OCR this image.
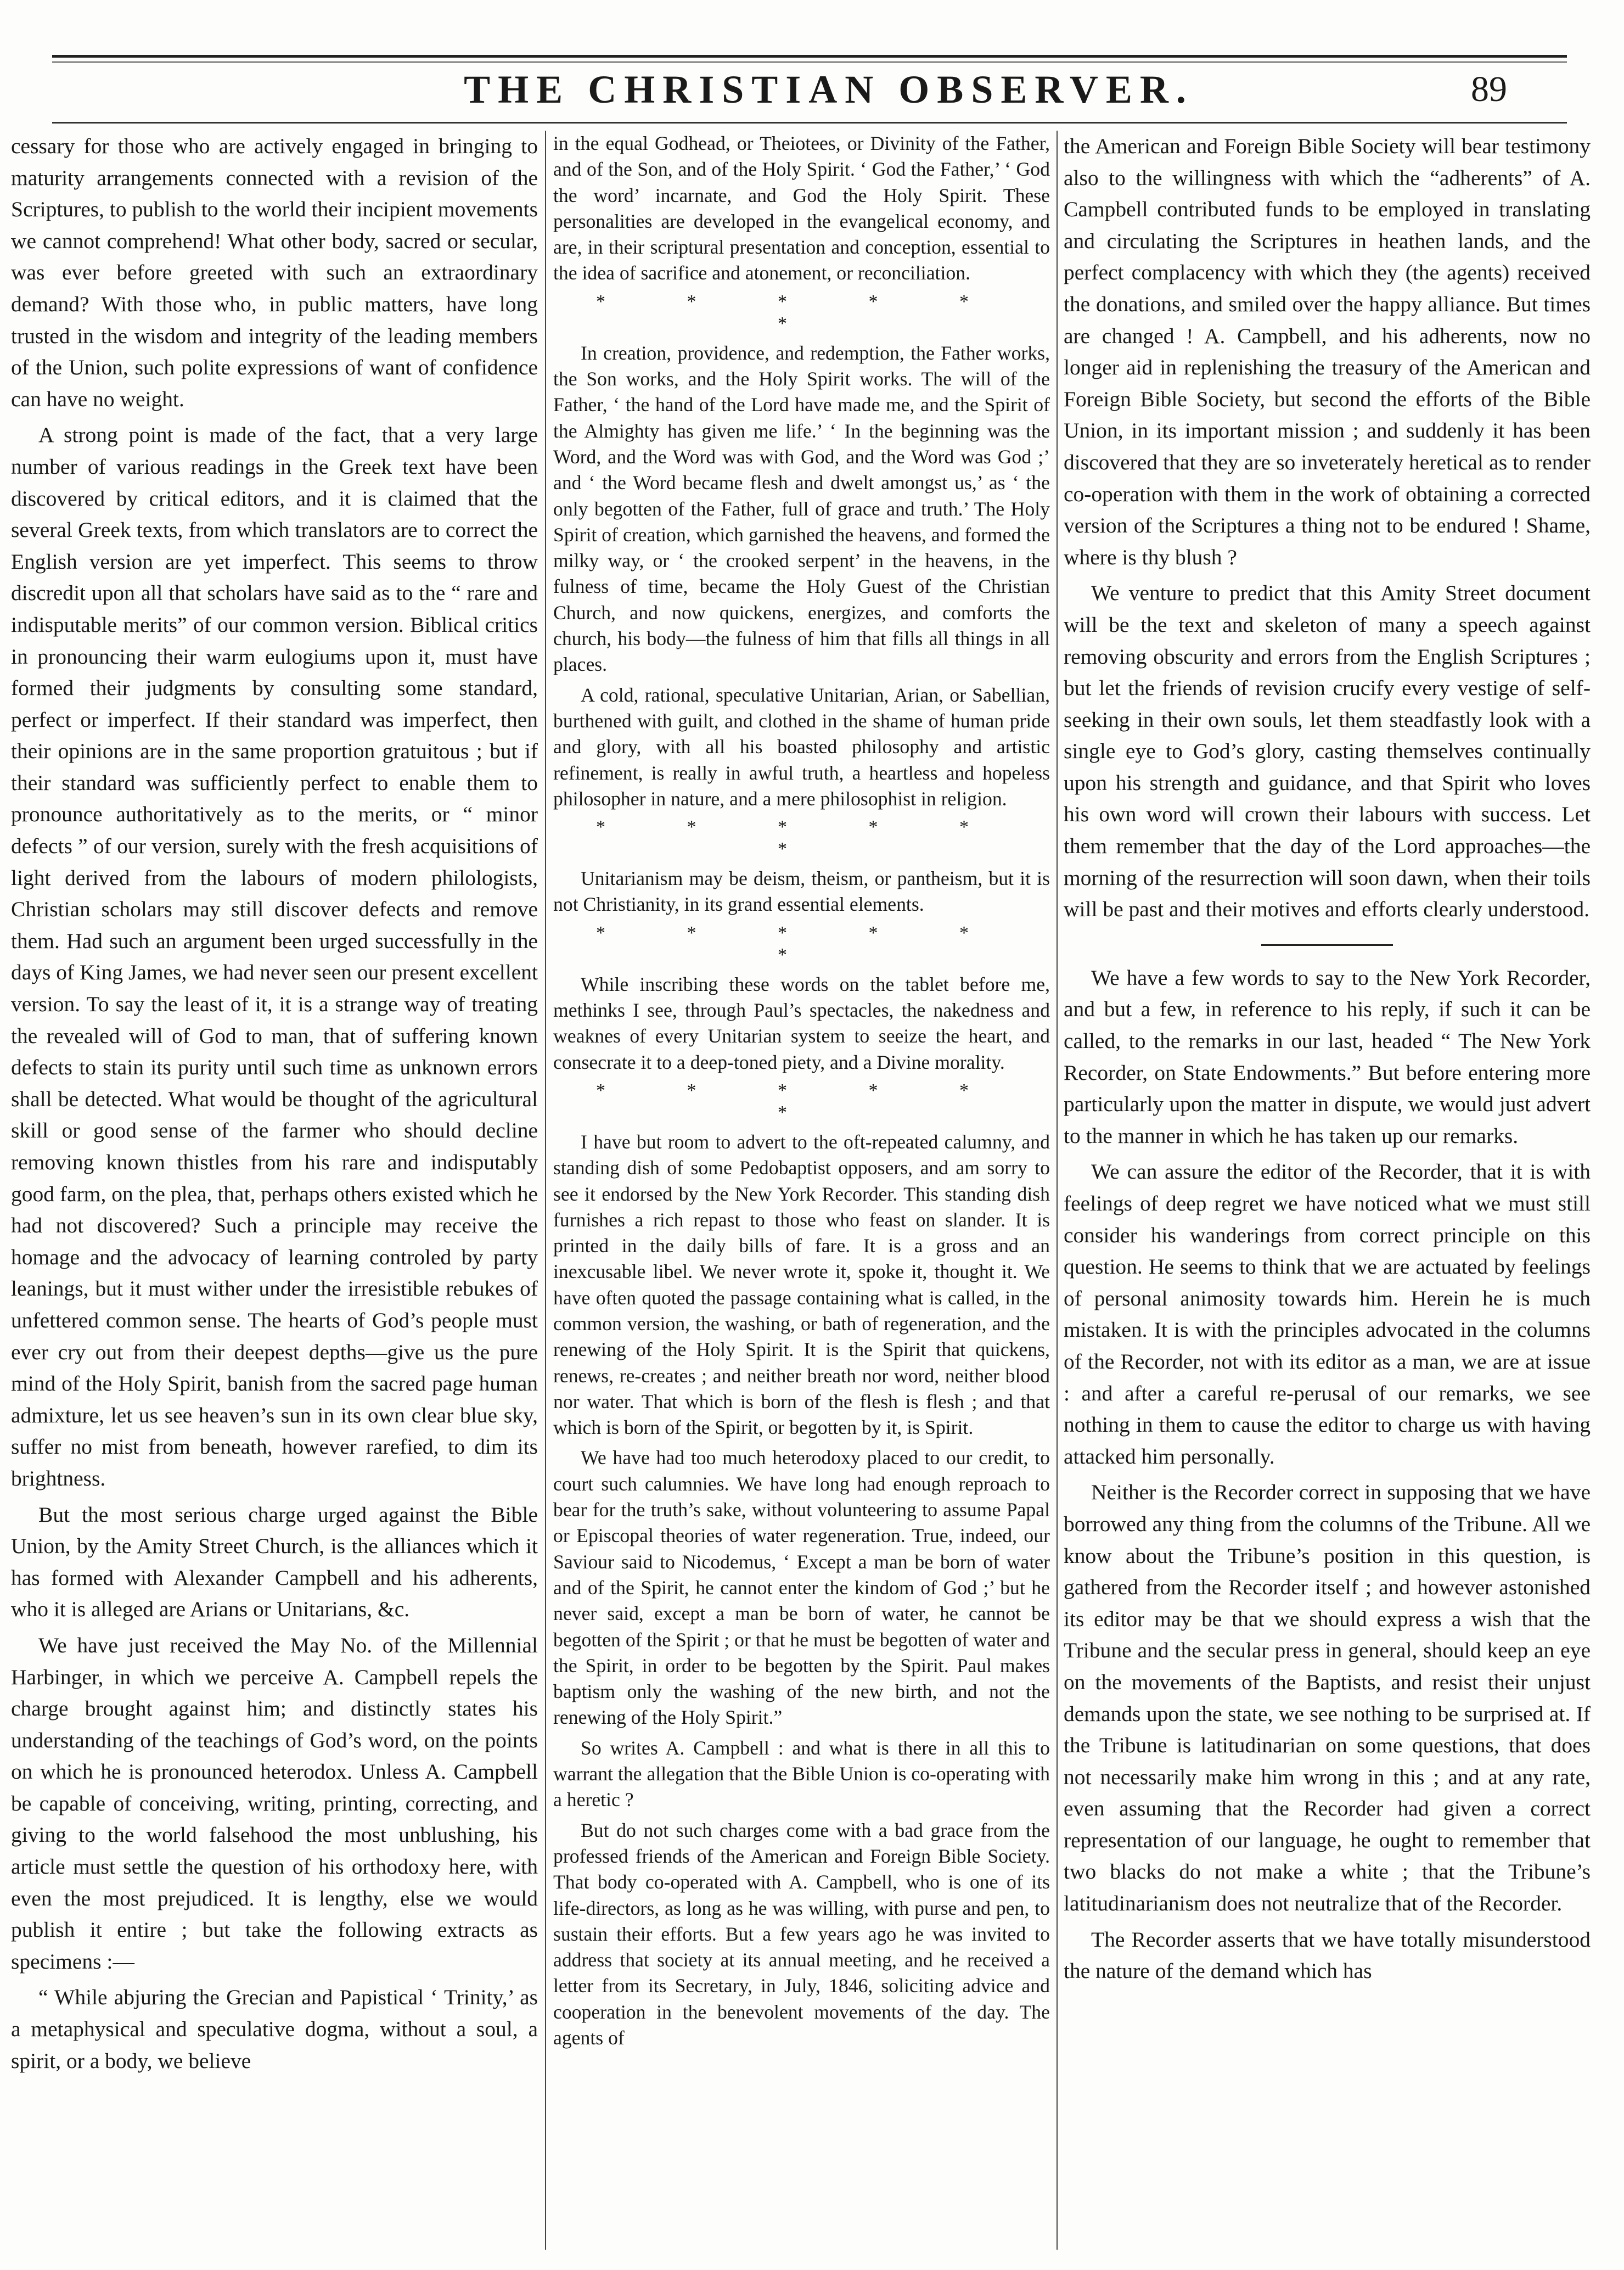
THE CHRISTIAN OBSERVER.	89

cessary for those who are actively engaged in bringing to maturity arrangements connected with a revision of the Scriptures, to publish to the world their incipient movements we cannot comprehend! What other body, sacred or secular, was ever before greeted with such an extraordinary demand? With those who, in public matters, have long trusted in the wisdom and integrity of the leading members of the Union, such polite expressions of want of confidence can have no weight.

A strong point is made of the fact, that a very large number of various readings in the Greek text have been discovered by critical editors, and it is claimed that the several Greek texts, from which translators are to correct the English version are yet imperfect. This seems to throw discredit upon all that scholars have said as to the “ rare and indisputable merits” of our common version. Biblical critics in pronouncing their warm eulogiums upon it, must have formed their judgments by consulting some standard, perfect or imperfect. If their standard was imperfect, then their opinions are in the same proportion gratuitous ; but if their standard was sufficiently perfect to enable them to pronounce authoritatively as to the merits, or “ minor defects ” of our version, surely with the fresh acquisitions of light derived from the labours of modern philologists, Christian scholars may still discover defects and remove them. Had such an argument been urged successfully in the days of King James, we had never seen our present excellent version. To say the least of it, it is a strange way of treating the revealed will of God to man, that of suffering known defects to stain its purity until such time as unknown errors shall be detected. What would be thought of the agricultural skill or good sense of the farmer who should decline removing known thistles from his rare and indisputably good farm, on the plea, that, perhaps others existed which he had not discovered? Such a principle may receive the homage and the advocacy of learning controled by party leanings, but it must wither under the irresistible rebukes of unfettered common sense. The hearts of God’s people must ever cry out from their deepest depths—give us the pure mind of the Holy Spirit, banish from the sacred page human admixture, let us see heaven’s sun in its own clear blue sky, suffer no mist from beneath, however rarefied, to dim its brightness.

But the most serious charge urged against the Bible Union, by the Amity Street Church, is the alliances which it has formed with Alexander Campbell and his adherents, who it is alleged are Arians or Unitarians, &c.

We have just received the May No. of the Millennial Harbinger, in which we perceive A. Campbell repels the charge brought against him; and distinctly states his understanding of the teachings of God’s word, on the points on which he is pronounced heterodox. Unless A. Campbell be capable of conceiving, writing, printing, correcting, and giving to the world falsehood the most unblushing, his article must settle the question of his orthodoxy here, with even the most prejudiced. It is lengthy, else we would publish it entire ; but take the following extracts as specimens :—

“ While abjuring the Grecian and Papistical ‘ Trinity,’ as a metaphysical and speculative dogma, without a soul, a spirit, or a body, we believe

in the equal Godhead, or Theiotees, or Divinity of the Father, and of the Son, and of the Holy Spirit. ‘ God the Father,’ ‘ God the word’ incarnate, and God the Holy Spirit. These personalities are developed in the evangelical economy, and are, in their scriptural presentation and conception, essential to the idea of sacrifice and atonement, or reconciliation.

* * * * * *

In creation, providence, and redemption, the Father works, the Son works, and the Holy Spirit works. The will of the Father, ‘ the hand of the Lord have made me, and the Spirit of the Almighty has given me life.’ ‘ In the beginning was the Word, and the Word was with God, and the Word was God ;’ and ‘ the Word became flesh and dwelt amongst us,’ as ‘ the only begotten of the Father, full of grace and truth.’ The Holy Spirit of creation, which garnished the heavens, and formed the milky way, or ‘ the crooked serpent’ in the heavens, in the fulness of time, became the Holy Guest of the Christian Church, and now quickens, energizes, and comforts the church, his body—the fulness of him that fills all things in all places.

A cold, rational, speculative Unitarian, Arian, or Sabellian, burthened with guilt, and clothed in the shame of human pride and glory, with all his boasted philosophy and artistic refinement, is really in awful truth, a heartless and hopeless philosopher in nature, and a mere philosophist in religion.

* * * * * *

Unitarianism may be deism, theism, or pantheism, but it is not Christianity, in its grand essential elements.

* * * * * *

While inscribing these words on the tablet before me, methinks I see, through Paul’s spectacles, the nakedness and weaknes of every Unitarian system to seeize the heart, and consecrate it to a deep-toned piety, and a Divine morality.

* * * * * *

I have but room to advert to the oft-repeated calumny, and standing dish of some Pedobaptist opposers, and am sorry to see it endorsed by the New York Recorder. This standing dish furnishes a rich repast to those who feast on slander. It is printed in the daily bills of fare. It is a gross and an inexcusable libel. We never wrote it, spoke it, thought it. We have often quoted the passage containing what is called, in the common version, the washing, or bath of regeneration, and the renewing of the Holy Spirit. It is the Spirit that quickens, renews, re-creates ; and neither breath nor word, neither blood nor water. That which is born of the flesh is flesh ; and that which is born of the Spirit, or begotten by it, is Spirit.

We have had too much heterodoxy placed to our credit, to court such calumnies. We have long had enough reproach to bear for the truth’s sake, without volunteering to assume Papal or Episcopal theories of water regeneration. True, indeed, our Saviour said to Nicodemus, ‘ Except a man be born of water and of the Spirit, he cannot enter the kindom of God ;’ but he never said, except a man be born of water, he cannot be begotten of the Spirit ; or that he must be begotten of water and the Spirit, in order to be begotten by the Spirit. Paul makes baptism only the washing of the new birth, and not the renewing of the Holy Spirit.”

So writes A. Campbell : and what is there in all this to warrant the allegation that the Bible Union is co-operating with a heretic ?

But do not such charges come with a bad grace from the professed friends of the American and Foreign Bible Society. That body co-operated with A. Campbell, who is one of its life-directors, as long as he was willing, with purse and pen, to sustain their efforts. But a few years ago he was invited to address that society at its annual meeting, and he received a letter from its Secretary, in July, 1846, soliciting advice and cooperation in the benevolent movements of the day. The agents of

the American and Foreign Bible Society will bear testimony also to the willingness with which the “adherents” of A. Campbell contributed funds to be employed in translating and circulating the Scriptures in heathen lands, and the perfect complacency with which they (the agents) received the donations, and smiled over the happy alliance. But times are changed ! A. Campbell, and his adherents, now no longer aid in replenishing the treasury of the American and Foreign Bible Society, but second the efforts of the Bible Union, in its important mission ; and suddenly it has been discovered that they are so inveterately heretical as to render co-operation with them in the work of obtaining a corrected version of the Scriptures a thing not to be endured ! Shame, where is thy blush ?

We venture to predict that this Amity Street document will be the text and skeleton of many a speech against removing obscurity and errors from the English Scriptures ; but let the friends of revision crucify every vestige of self-seeking in their own souls, let them steadfastly look with a single eye to God’s glory, casting themselves continually upon his strength and guidance, and that Spirit who loves his own word will crown their labours with success. Let them remember that the day of the Lord approaches—the morning of the resurrection will soon dawn, when their toils will be past and their motives and efforts clearly understood.

We have a few words to say to the New York Recorder, and but a few, in reference to his reply, if such it can be called, to the remarks in our last, headed “ The New York Recorder, on State Endowments.” But before entering more particularly upon the matter in dispute, we would just advert to the manner in which he has taken up our remarks.

We can assure the editor of the Recorder, that it is with feelings of deep regret we have noticed what we must still consider his wanderings from correct principle on this question. He seems to think that we are actuated by feelings of personal animosity towards him. Herein he is much mistaken. It is with the principles advocated in the columns of the Recorder, not with its editor as a man, we are at issue : and after a careful re-perusal of our remarks, we see nothing in them to cause the editor to charge us with having attacked him personally.

Neither is the Recorder correct in supposing that we have borrowed any thing from the columns of the Tribune. All we know about the Tribune’s position in this question, is gathered from the Recorder itself ; and however astonished its editor may be that we should express a wish that the Tribune and the secular press in general, should keep an eye on the movements of the Baptists, and resist their unjust demands upon the state, we see nothing to be surprised at. If the Tribune is latitudinarian on some questions, that does not necessarily make him wrong in this ; and at any rate, even assuming that the Recorder had given a correct representation of our language, he ought to remember that two blacks do not make a white ; that the Tribune’s latitudinarianism does not neutralize that of the Recorder.

The Recorder asserts that we have totally misunderstood the nature of the demand which has
